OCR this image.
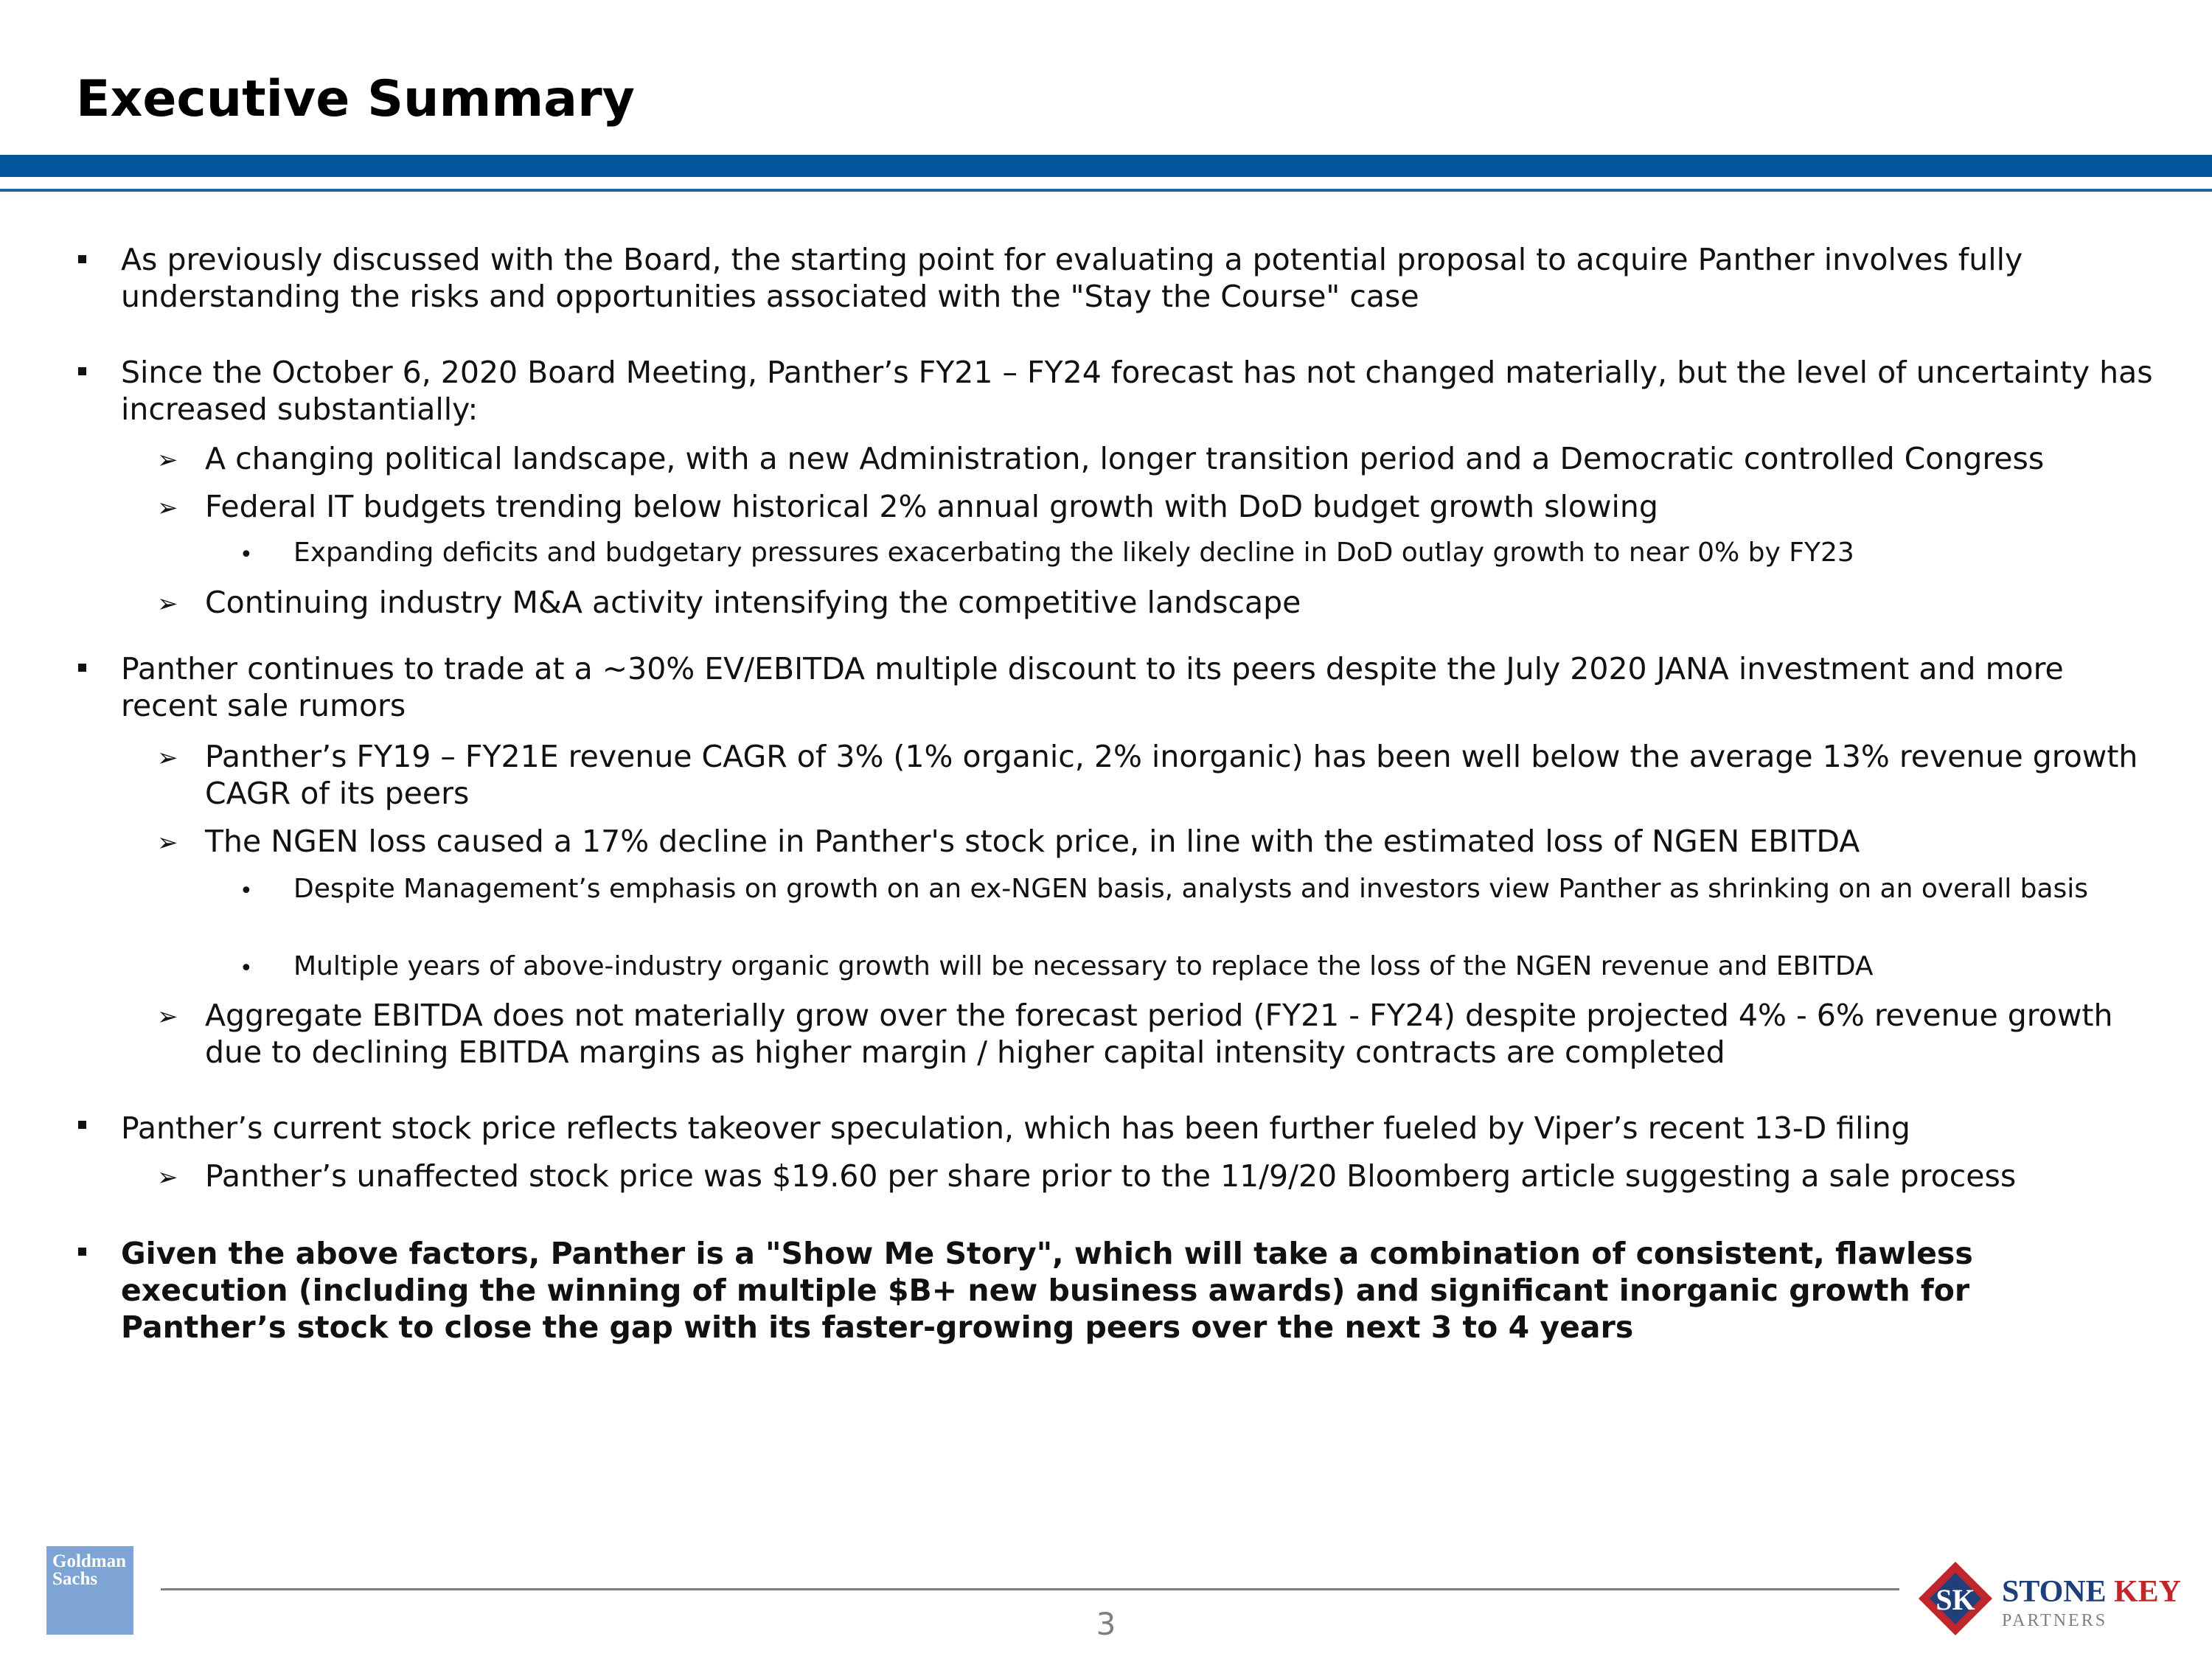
Executive Summary
As previously discussed with the Board, the starting point for evaluating a potential proposal to acquire Panther involves fully understanding the risks and opportunities associated with the "Stay the Course" case
Since the October 6, 2020 Board Meeting, Panther’s FY21 – FY24 forecast has not changed materially, but the level of uncertainty has increased substantially:
➢ A changing political landscape, with a new Administration, longer transition period and a Democratic controlled Congress
➢ Federal IT budgets trending below historical 2% annual growth with DoD budget growth slowing
• Expanding deficits and budgetary pressures exacerbating the likely decline in DoD outlay growth to near 0% by FY23
➢ Continuing industry M&A activity intensifying the competitive landscape
Panther continues to trade at a ~30% EV/EBITDA multiple discount to its peers despite the July 2020 JANA investment and more recent sale rumors
➢ Panther’s FY19 – FY21E revenue CAGR of 3% (1% organic, 2% inorganic) has been well below the average 13% revenue growth CAGR of its peers
➢ The NGEN loss caused a 17% decline in Panther's stock price, in line with the estimated loss of NGEN EBITDA
• Despite Management’s emphasis on growth on an ex-NGEN basis, analysts and investors view Panther as shrinking on an overall basis
• Multiple years of above-industry organic growth will be necessary to replace the loss of the NGEN revenue and EBITDA
➢ Aggregate EBITDA does not materially grow over the forecast period (FY21 - FY24) despite projected 4% - 6% revenue growth due to declining EBITDA margins as higher margin / higher capital intensity contracts are completed
Panther’s current stock price reflects takeover speculation, which has been further fueled by Viper’s recent 13-D filing
➢ Panther’s unaffected stock price was $19.60 per share prior to the 11/9/20 Bloomberg article suggesting a sale process
Given the above factors, Panther is a "Show Me Story", which will take a combination of consistent, flawless execution (including the winning of multiple $B+ new business awards) and significant inorganic growth for Panther’s stock to close the gap with its faster-growing peers over the next 3 to 4 years
Goldman
Sachs
3
SK STONE KEY
PARTNERS
